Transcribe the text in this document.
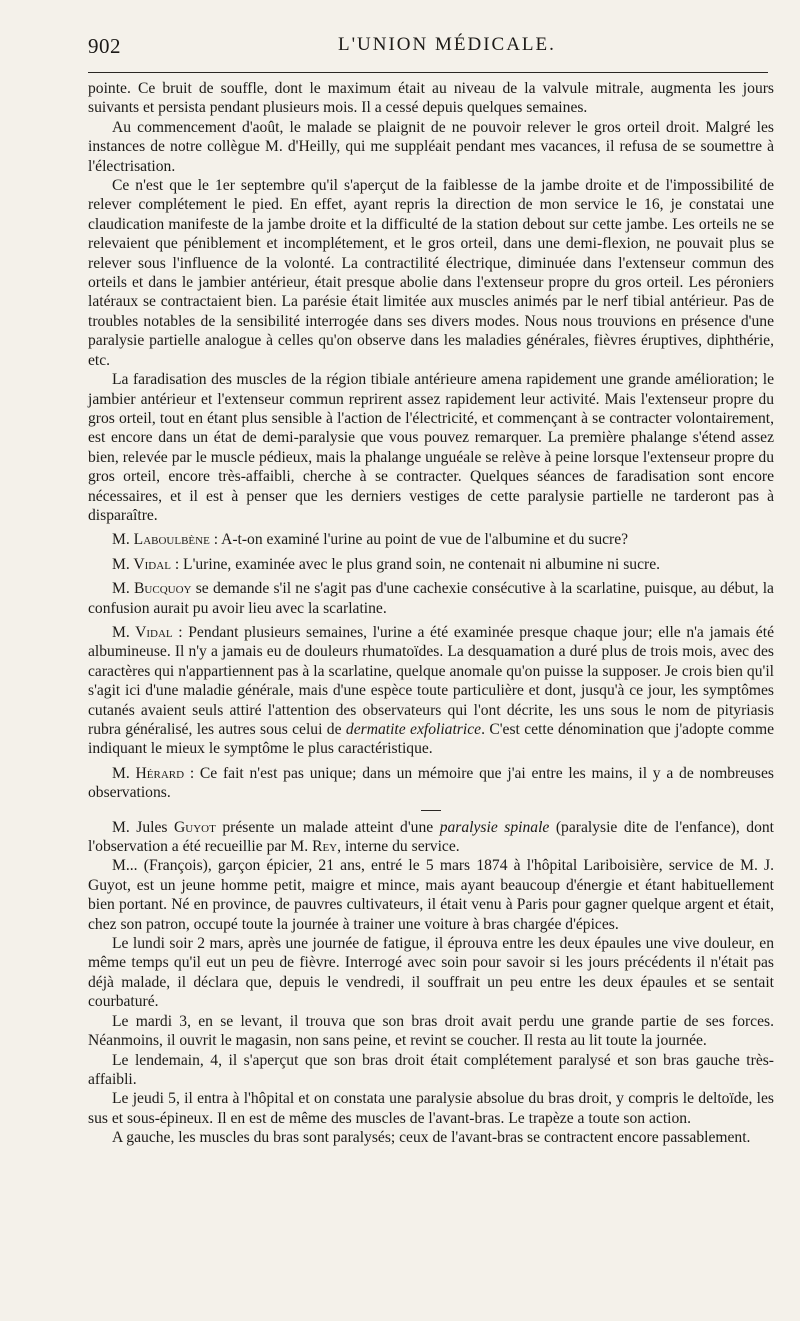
902	L'UNION MÉDICALE.

pointe. Ce bruit de souffle, dont le maximum était au niveau de la valvule mitrale, augmenta les jours suivants et persista pendant plusieurs mois. Il a cessé depuis quelques semaines.

Au commencement d'août, le malade se plaignit de ne pouvoir relever le gros orteil droit. Malgré les instances de notre collègue M. d'Heilly, qui me suppléait pendant mes vacances, il refusa de se soumettre à l'électrisation.

Ce n'est que le 1er septembre qu'il s'aperçut de la faiblesse de la jambe droite et de l'impossibilité de relever complétement le pied. En effet, ayant repris la direction de mon service le 16, je constatai une claudication manifeste de la jambe droite et la difficulté de la station debout sur cette jambe. Les orteils ne se relevaient que péniblement et incomplétement, et le gros orteil, dans une demi-flexion, ne pouvait plus se relever sous l'influence de la volonté. La contractilité électrique, diminuée dans l'extenseur commun des orteils et dans le jambier antérieur, était presque abolie dans l'extenseur propre du gros orteil. Les péroniers latéraux se contractaient bien. La parésie était limitée aux muscles animés par le nerf tibial antérieur. Pas de troubles notables de la sensibilité interrogée dans ses divers modes. Nous nous trouvions en présence d'une paralysie partielle analogue à celles qu'on observe dans les maladies générales, fièvres éruptives, diphthérie, etc.

La faradisation des muscles de la région tibiale antérieure amena rapidement une grande amélioration; le jambier antérieur et l'extenseur commun reprirent assez rapidement leur activité. Mais l'extenseur propre du gros orteil, tout en étant plus sensible à l'action de l'électricité, et commençant à se contracter volontairement, est encore dans un état de demi-paralysie que vous pouvez remarquer. La première phalange s'étend assez bien, relevée par le muscle pédieux, mais la phalange unguéale se relève à peine lorsque l'extenseur propre du gros orteil, encore très-affaibli, cherche à se contracter. Quelques séances de faradisation sont encore nécessaires, et il est à penser que les derniers vestiges de cette paralysie partielle ne tarderont pas à disparaître.

M. Laboulbène : A-t-on examiné l'urine au point de vue de l'albumine et du sucre?

M. Vidal : L'urine, examinée avec le plus grand soin, ne contenait ni albumine ni sucre.

M. Bucquoy se demande s'il ne s'agit pas d'une cachexie consécutive à la scarlatine, puisque, au début, la confusion aurait pu avoir lieu avec la scarlatine.

M. Vidal : Pendant plusieurs semaines, l'urine a été examinée presque chaque jour; elle n'a jamais été albumineuse. Il n'y a jamais eu de douleurs rhumatoïdes. La desquamation a duré plus de trois mois, avec des caractères qui n'appartiennent pas à la scarlatine, quelque anomale qu'on puisse la supposer. Je crois bien qu'il s'agit ici d'une maladie générale, mais d'une espèce toute particulière et dont, jusqu'à ce jour, les symptômes cutanés avaient seuls attiré l'attention des observateurs qui l'ont décrite, les uns sous le nom de pityriasis rubra généralisé, les autres sous celui de dermatite exfoliatrice. C'est cette dénomination que j'adopte comme indiquant le mieux le symptôme le plus caractéristique.

M. Hérard : Ce fait n'est pas unique; dans un mémoire que j'ai entre les mains, il y a de nombreuses observations.

M. Jules Guyot présente un malade atteint d'une paralysie spinale (paralysie dite de l'enfance), dont l'observation a été recueillie par M. Rey, interne du service.

M... (François), garçon épicier, 21 ans, entré le 5 mars 1874 à l'hôpital Lariboisière, service de M. J. Guyot, est un jeune homme petit, maigre et mince, mais ayant beaucoup d'énergie et étant habituellement bien portant. Né en province, de pauvres cultivateurs, il était venu à Paris pour gagner quelque argent et était, chez son patron, occupé toute la journée à trainer une voiture à bras chargée d'épices.

Le lundi soir 2 mars, après une journée de fatigue, il éprouva entre les deux épaules une vive douleur, en même temps qu'il eut un peu de fièvre. Interrogé avec soin pour savoir si les jours précédents il n'était pas déjà malade, il déclara que, depuis le vendredi, il souffrait un peu entre les deux épaules et se sentait courbaturé.

Le mardi 3, en se levant, il trouva que son bras droit avait perdu une grande partie de ses forces. Néanmoins, il ouvrit le magasin, non sans peine, et revint se coucher. Il resta au lit toute la journée.

Le lendemain, 4, il s'aperçut que son bras droit était complétement paralysé et son bras gauche très-affaibli.

Le jeudi 5, il entra à l'hôpital et on constata une paralysie absolue du bras droit, y compris le deltoïde, les sus et sous-épineux. Il en est de même des muscles de l'avant-bras. Le trapèze a toute son action.

A gauche, les muscles du bras sont paralysés; ceux de l'avant-bras se contractent encore passablement.
